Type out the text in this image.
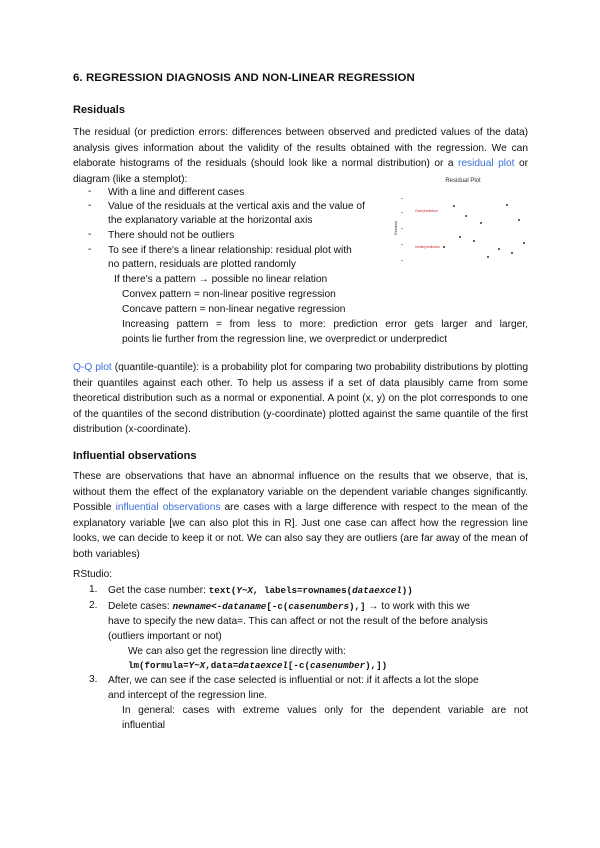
6. REGRESSION DIAGNOSIS AND NON-LINEAR REGRESSION
Residuals
The residual (or prediction errors: differences between observed and predicted values of the data) analysis gives information about the validity of the results obtained with the regression. We can elaborate histograms of the residuals (should look like a normal distribution) or a residual plot or diagram (like a stemplot):
- With a line and different cases
- Value of the residuals at the vertical axis and the value of
the explanatory variable at the horizontal axis
- There should not be outliers
- To see if there's a linear relationship: residual plot with
no pattern, residuals are plotted randomly
If there's a pattern → possible no linear relation
Convex pattern = non-linear positive regression
Concave pattern = non-linear negative regression
Increasing pattern = from less to more: prediction error gets larger and larger,
points lie further from the regression line, we overpredict or underpredict
Residual Plot
Residual
Overprediction
Underprediction
Q-Q plot (quantile-quantile): is a probability plot for comparing two probability distributions by plotting their quantiles against each other. To help us assess if a set of data plausibly came from some theoretical distribution such as a normal or exponential. A point (x, y) on the plot corresponds to one of the quantiles of the second distribution (y-coordinate) plotted against the same quantile of the first distribution (x-coordinate).
Influential observations
These are observations that have an abnormal influence on the results that we observe, that is, without them the effect of the explanatory variable on the dependent variable changes significantly. Possible influential observations are cases with a large difference with respect to the mean of the explanatory variable [we can also plot this in R]. Just one case can affect how the regression line looks, we can decide to keep it or not. We can also say they are outliers (are far away of the mean of both variables)
RStudio:
1. Get the case number: text(Y~X, labels=rownames(dataexcel))
2. Delete cases: newname<-dataname[-c(casenumbers),] → to work with this we
have to specify the new data=. This can affect or not the result of the before analysis
(outliers important or not)
We can also get the regression line directly with:
lm(formula=Y~X,data=dataexcel[-c(casenumber),])
3. After, we can see if the case selected is influential or not: if it affects a lot the slope
and intercept of the regression line.
In general: cases with extreme values only for the dependent variable are not
influential
